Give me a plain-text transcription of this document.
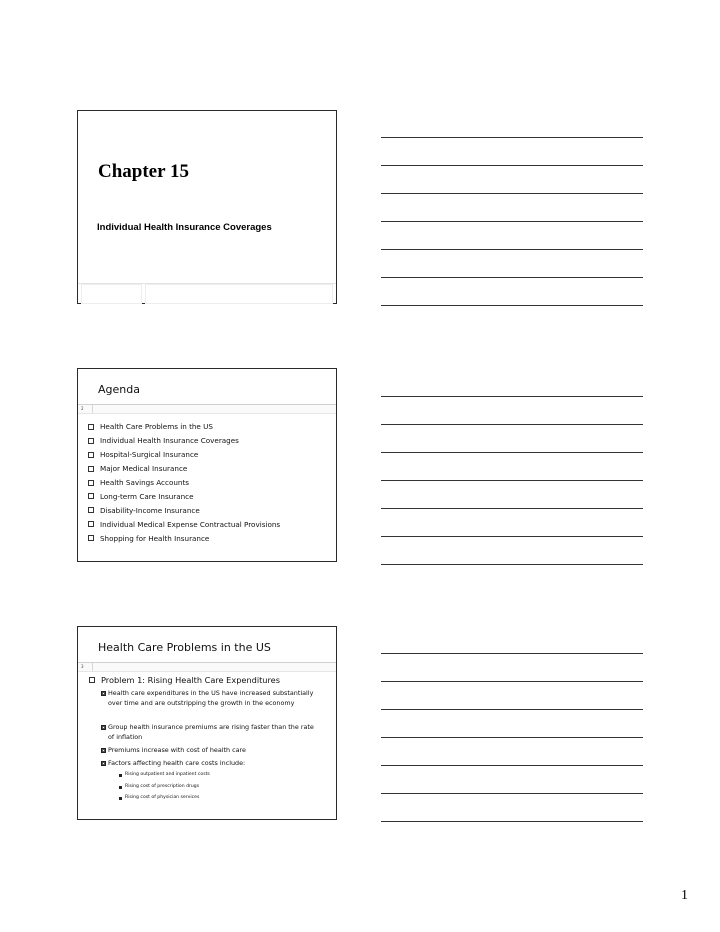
Chapter 15
Individual Health Insurance Coverages
Agenda
2
Health Care Problems in the US
Individual Health Insurance Coverages
Hospital-Surgical Insurance
Major Medical Insurance
Health Savings Accounts
Long-term Care Insurance
Disability-Income Insurance
Individual Medical Expense Contractual Provisions
Shopping for Health Insurance
Health Care Problems in the US
3
Problem 1: Rising Health Care Expenditures
Health care expenditures in the US have increased substantially over time and are outstripping the growth in the economy
Group health insurance premiums are rising faster than the rate of inflation
Premiums increase with cost of health care
Factors affecting health care costs include:
Rising outpatient and inpatient costs
Rising cost of prescription drugs
Rising cost of physician services
1
